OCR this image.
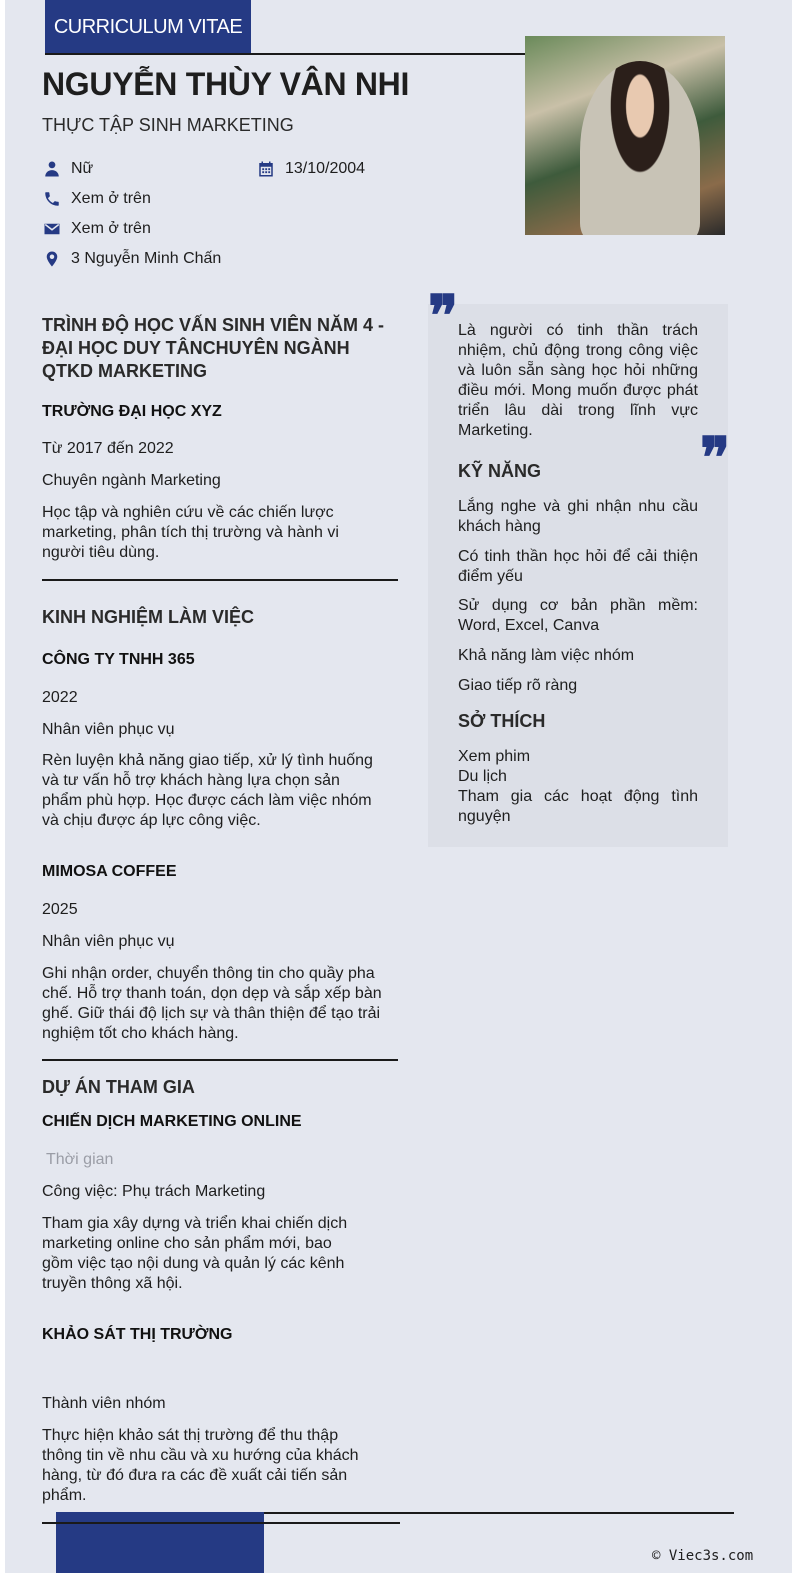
CURRICULUM VITAE
NGUYỄN THÙY VÂN NHI
THỰC TẬP SINH MARKETING
Nữ	13/10/2004
Xem ở trên
Xem ở trên
3 Nguyễn Minh Chấn
TRÌNH ĐỘ HỌC VẤN SINH VIÊN NĂM 4 - ĐẠI HỌC DUY TÂNCHUYÊN NGÀNH QTKD MARKETING
TRƯỜNG ĐẠI HỌC XYZ
Từ 2017 đến 2022
Chuyên ngành Marketing
Học tập và nghiên cứu về các chiến lược marketing, phân tích thị trường và hành vi người tiêu dùng.
KINH NGHIỆM LÀM VIỆC
CÔNG TY TNHH 365
2022
Nhân viên phục vụ
Rèn luyện khả năng giao tiếp, xử lý tình huống và tư vấn hỗ trợ khách hàng lựa chọn sản phẩm phù hợp. Học được cách làm việc nhóm và chịu được áp lực công việc.
MIMOSA COFFEE
2025
Nhân viên phục vụ
Ghi nhận order, chuyển thông tin cho quầy pha chế. Hỗ trợ thanh toán, dọn dẹp và sắp xếp bàn ghế. Giữ thái độ lịch sự và thân thiện để tạo trải nghiệm tốt cho khách hàng.
DỰ ÁN THAM GIA
CHIẾN DỊCH MARKETING ONLINE
Thời gian
Công việc: Phụ trách Marketing
Tham gia xây dựng và triển khai chiến dịch marketing online cho sản phẩm mới, bao gồm việc tạo nội dung và quản lý các kênh truyền thông xã hội.
KHẢO SÁT THỊ TRƯỜNG
Thành viên nhóm
Thực hiện khảo sát thị trường để thu thập thông tin về nhu cầu và xu hướng của khách hàng, từ đó đưa ra các đề xuất cải tiến sản phẩm.
❞
❞
Là người có tinh thần trách nhiệm, chủ động trong công việc và luôn sẵn sàng học hỏi những điều mới. Mong muốn được phát triển lâu dài trong lĩnh vực Marketing.
KỸ NĂNG
Lắng nghe và ghi nhận nhu cầu khách hàng
Có tinh thần học hỏi để cải thiện điểm yếu
Sử dụng cơ bản phần mềm: Word, Excel, Canva
Khả năng làm việc nhóm
Giao tiếp rõ ràng
SỞ THÍCH
Xem phim
Du lịch
Tham gia các hoạt động tình nguyện
© Viec3s.com
